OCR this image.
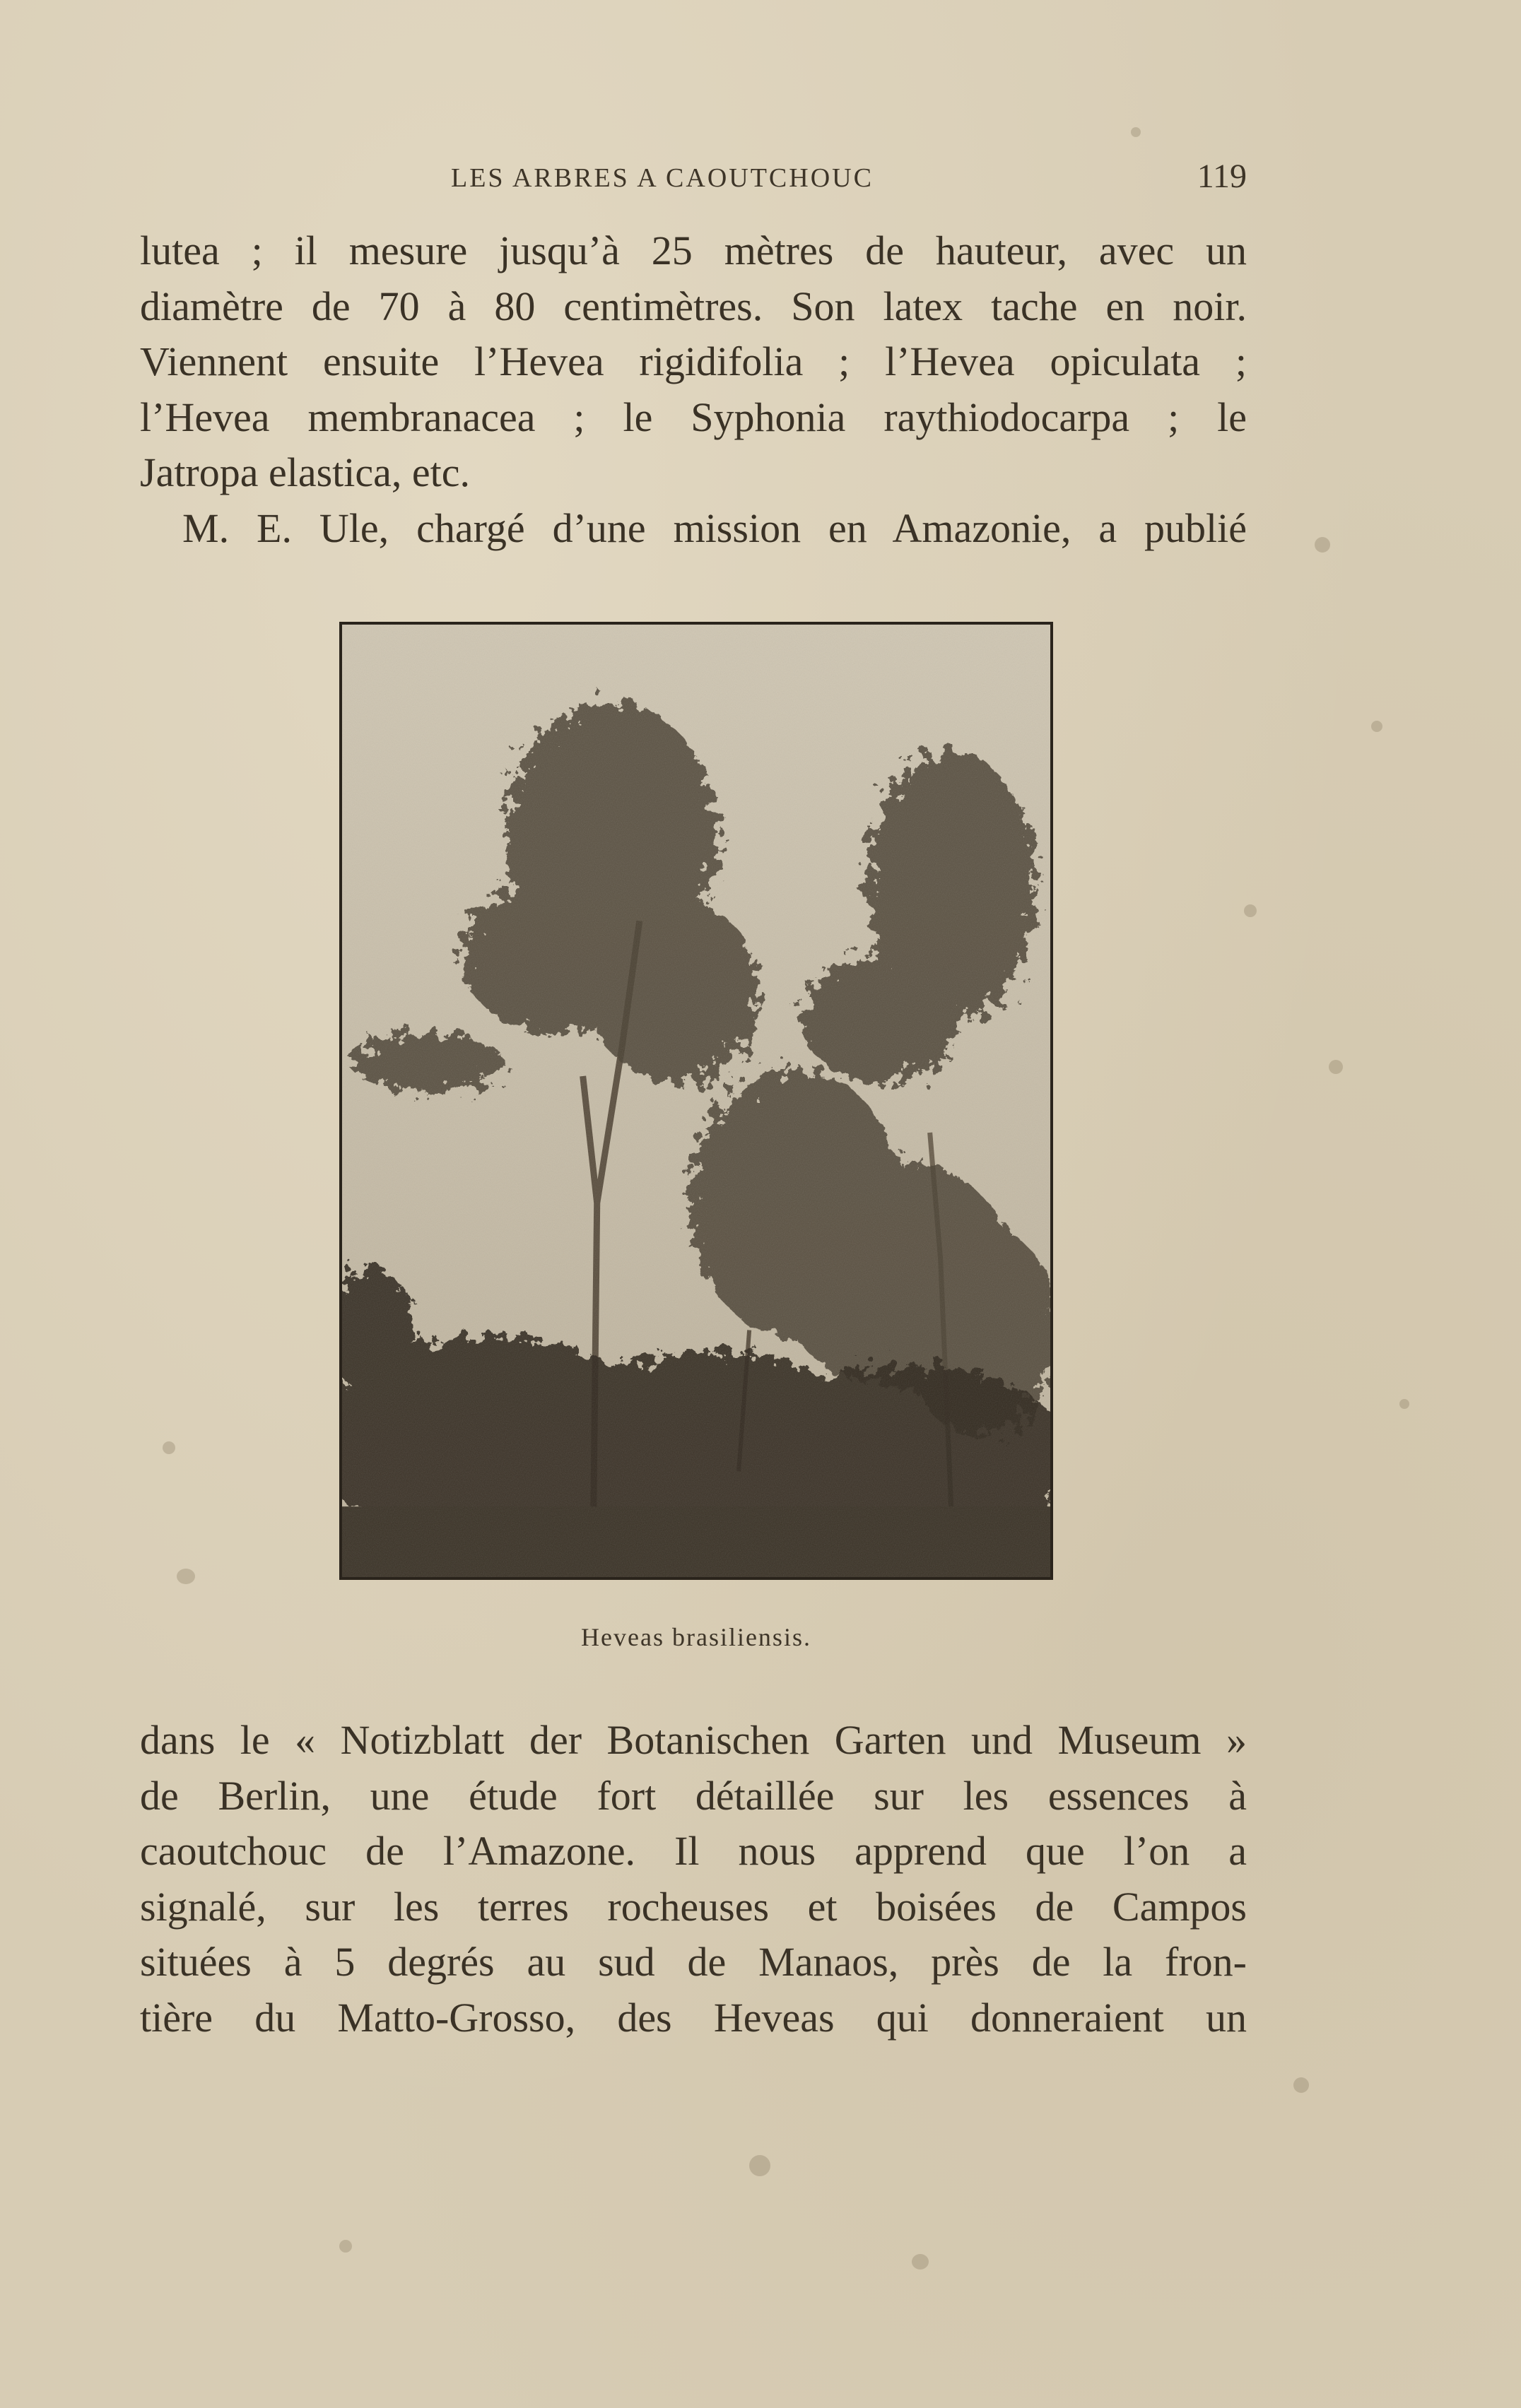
LES ARBRES A CAOUTCHOUC	119
lutea ; il mesure jusqu’à 25 mètres de hauteur, avec un
diamètre de 70 à 80 centimètres. Son latex tache en noir.
Viennent ensuite l’Hevea rigidifolia ; l’Hevea opiculata ;
l’Hevea membranacea ; le Syphonia raythiodocarpa ; le
Jatropa elastica, etc.
M. E. Ule, chargé d’une mission en Amazonie, a publié
Heveas brasiliensis.
dans le « Notizblatt der Botanischen Garten und Museum »
de Berlin, une étude fort détaillée sur les essences à
caoutchouc de l’Amazone. Il nous apprend que l’on a
signalé, sur les terres rocheuses et boisées de Campos
situées à 5 degrés au sud de Manaos, près de la fron-
tière du Matto-Grosso, des Heveas qui donneraient un
